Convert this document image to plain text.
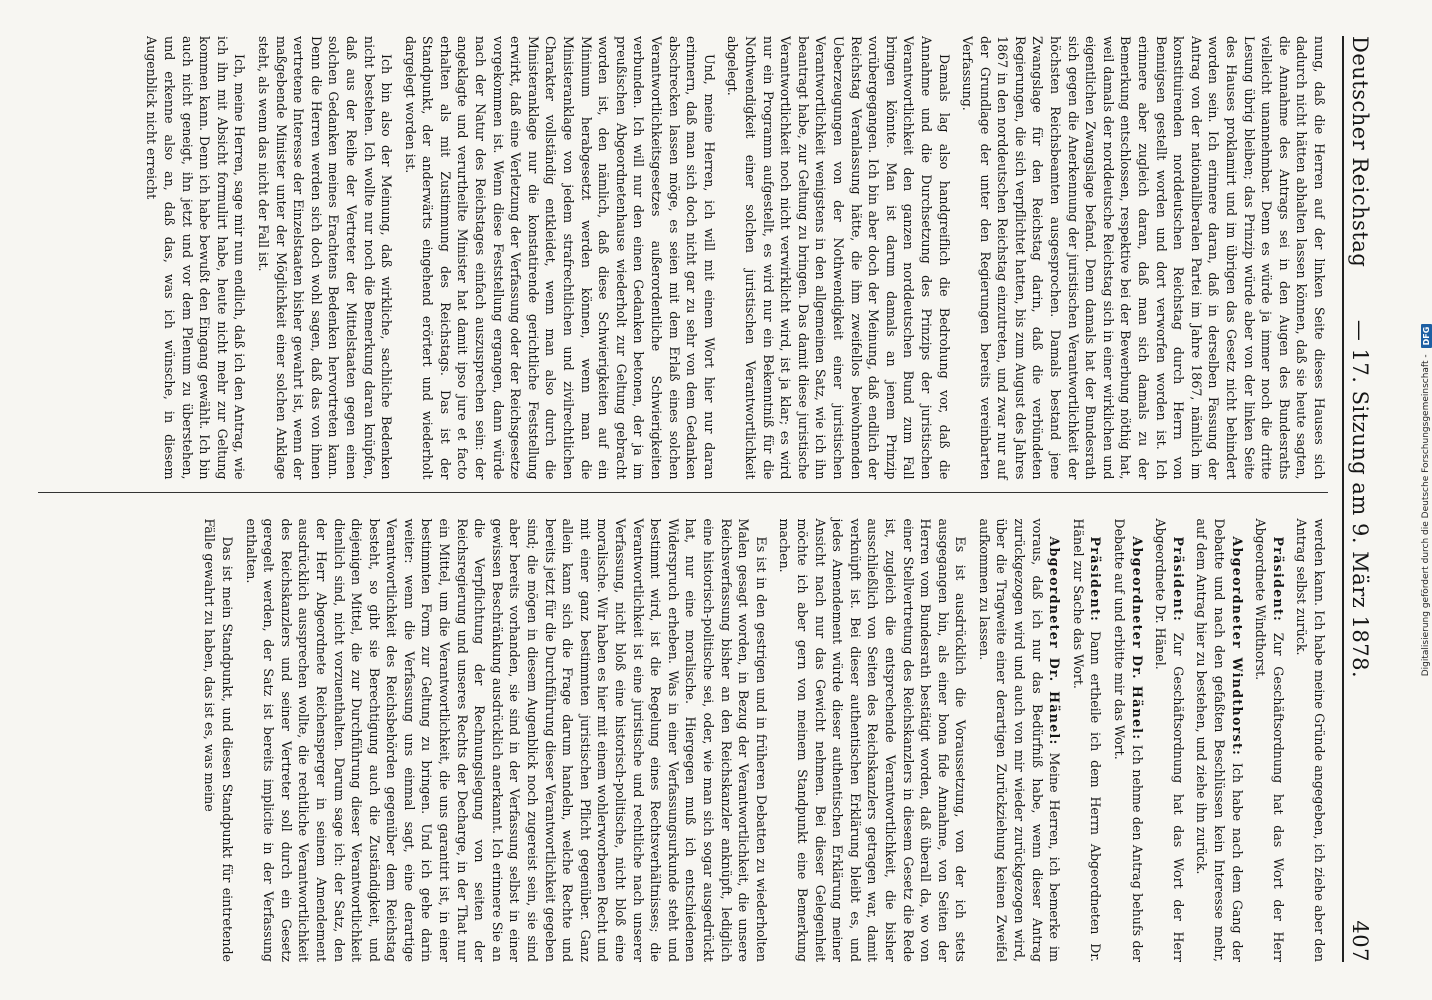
Deutscher Reichstag
— 17. Sitzung am 9. März 1878.
407

nung, daß die Herren auf der linken Seite dieses Hauses sich dadurch nicht hätten abhalten lassen können, daß sie heute sagten, die Annahme des Antrags sei in den Augen des Bundesraths vielleicht unannehmbar. Denn es würde ja immer noch die dritte Lesung übrig bleiben; das Prinzip würde aber von der linken Seite des Hauses proklamirt und im übrigen das Gesetz nicht behindert worden sein. Ich erinnere daran, daß in derselben Fassung der Antrag von der nationalliberalen Partei im Jahre 1867, nämlich im konstituirenden norddeutschen Reichstag durch Herrn von Bennigsen gestellt worden und dort verworfen worden ist. Ich erinnere aber zugleich daran, daß man sich damals zu der Bemerkung entschlossen, respektive bei der Bewerbung nöthig hat, weil damals der norddeutsche Reichstag sich in einer wirklichen und eigentlichen Zwangslage befand. Denn damals hat der Bundesrath sich gegen die Anerkennung der juristischen Verantwortlichkeit der höchsten Reichsbeamten ausgesprochen. Damals bestand jene Zwangslage für den Reichstag darin, daß die verbündeten Regierungen, die sich verpflichtet hatten, bis zum August des Jahres 1867 in den norddeutschen Reichstag einzutreten, und zwar nur auf der Grundlage der unter den Regierungen bereits vereinbarten Verfassung.

Damals lag also handgreiflich die Bedrohung vor, daß die Annahme und die Durchsetzung des Prinzips der juristischen Verantwortlichkeit den ganzen norddeutschen Bund zum Fall bringen könnte. Man ist darum damals an jenem Prinzip vorübergegangen. Ich bin aber doch der Meinung, daß endlich der Reichstag Veranlassung hätte, die ihm zweifellos beiwohnenden Ueberzeugungen von der Nothwendigkeit einer juristischen Verantwortlichkeit wenigstens in den allgemeinen Satz, wie ich ihn beantragt habe, zur Geltung zu bringen. Das damit diese juristische Verantwortlichkeit noch nicht verwirklicht wird, ist ja klar; es wird nur ein Programm aufgestellt, es wird nur ein Bekenntniß für die Nothwendigkeit einer solchen juristischen Verantwortlichkeit abgelegt.

Und, meine Herren, ich will mit einem Wort hier nur daran erinnern, daß man sich doch nicht gar zu sehr von dem Gedanken abschrecken lassen möge, es seien mit dem Erlaß eines solchen Verantwortlichkeitsgesetzes außerordentliche Schwierigkeiten verbunden. Ich will nur den einen Gedanken betonen, der ja im preußischen Abgeordnetenhause wiederholt zur Geltung gebracht worden ist, den nämlich, daß diese Schwierigkeiten auf ein Minimum herabgesetzt werden können, wenn man die Ministeranklage von jedem strafrechtlichen und zivilrechtlichen Charakter vollständig entkleidet, wenn man also durch die Ministeranklage nur die konstatirende gerichtliche Feststellung erwirkt, daß eine Verletzung der Verfassung oder der Reichsgesetze vorgekommen ist. Wenn diese Feststellung ergangen, dann würde nach der Natur des Reichstages einfach auszusprechen sein: der angeklagte und verurtheilte Minister hat damit ipso jure et facto erhalten als mit Zustimmung des Reichstags. Das ist der Standpunkt, der anderwärts eingehend erörtert und wiederholt dargelegt worden ist.

Ich bin also der Meinung, daß wirkliche, sachliche Bedenken nicht bestehen. Ich wollte nur noch die Bemerkung daran knüpfen, daß aus der Reihe der Vertreter der Mittelstaaten gegen einen solchen Gedanken meines Erachtens Bedenken hervortreten kann. Denn die Herren werden sich doch wohl sagen, daß das von ihnen vertretene Interesse der Einzelstaaten bisher gewahrt ist, wenn der maßgebende Minister unter der Möglichkeit einer solchen Anklage steht, als wenn das nicht der Fall ist.

Ich, meine Herren, sage mir nun endlich, daß ich den Antrag, wie ich ihn mit Absicht formulirt habe, heute nicht mehr zur Geltung kommen kann. Denn ich habe bewußt den Eingang gewählt. Ich bin auch nicht geneigt, ihn jetzt und vor dem Plenum zu überstehen, und erkenne also an, daß das, was ich wünsche, in diesem Augenblick nicht erreicht

werden kann. Ich habe meine Gründe angegeben, ich ziehe aber den Antrag selbst zurück.

Präsident: Zur Geschäftsordnung hat das Wort der Herr Abgeordnete Windthorst.

Abgeordneter Windthorst: Ich habe nach dem Gang der Debatte und nach den gefaßten Beschlüssen kein Interesse mehr, auf dem Antrag hier zu bestehen, und ziehe ihn zurück.

Präsident: Zur Geschäftsordnung hat das Wort der Herr Abgeordnete Dr. Hänel.

Abgeordneter Dr. Hänel: Ich nehme den Antrag behufs der Debatte auf und erbitte mir das Wort.

Präsident: Dann ertheile ich dem Herrn Abgeordneten Dr. Hänel zur Sache das Wort.

Abgeordneter Dr. Hänel: Meine Herren, ich bemerke im voraus, daß ich nur das Bedürfniß habe, wenn dieser Antrag zurückgezogen wird und auch von mir wieder zurückgezogen wird, über die Tragweite einer derartigen Zurückziehung keinen Zweifel aufkommen zu lassen.

Es ist ausdrücklich die Voraussetzung, von der ich stets ausgegangen bin, als einer bona fide Annahme, von Seiten der Herren vom Bundesrath bestätigt worden, daß überall da, wo von einer Stellvertretung des Reichskanzlers in diesem Gesetz die Rede ist, zugleich die entsprechende Verantwortlichkeit, die bisher ausschließlich von Seiten des Reichskanzlers getragen war, damit verknüpft ist. Bei dieser authentischen Erklärung bleibt es, und jedes Amendement würde dieser authentischen Erklärung meiner Ansicht nach nur das Gewicht nehmen. Bei dieser Gelegenheit möchte ich aber gern von meinem Standpunkt eine Bemerkung machen.

Es ist in den gestrigen und in früheren Debatten zu wiederholten Malen gesagt worden, in Bezug der Verantwortlichkeit, die unsere Reichsverfassung bisher an den Reichskanzler anknüpft, lediglich eine historisch-politische sei, oder, wie man sich sogar ausgedrückt hat, nur eine moralische. Hiergegen muß ich entschiedenen Widerspruch erheben. Was in einer Verfassungsurkunde steht und bestimmt wird, ist die Regelung eines Rechtsverhältnisses; die Verantwortlichkeit ist eine juristische und rechtliche nach unserer Verfassung, nicht bloß eine historisch-politische, nicht bloß eine moralische. Wir haben es hier mit einem wohlerworbenen Recht und mit einer ganz bestimmten juristischen Pflicht gegenüber. Ganz allein kann sich die Frage darum handeln, welche Rechte und bereits jetzt für die Durchführung dieser Verantwortlichkeit gegeben sind; die mögen in diesem Augenblick noch zugereist sein, sie sind aber bereits vorhanden, sie sind in der Verfassung selbst in einer gewissen Beschränkung ausdrücklich anerkannt. Ich erinnere Sie an die Verpflichtung der Rechnungslegung von seiten der Reichsregierung und unseres Rechts der Decharge, in der That nur ein Mittel, um die Verantwortlichkeit, die uns garantirt ist, in einer bestimmten Form zur Geltung zu bringen. Und ich gehe darin weiter: wenn die Verfassung uns einmal sagt, eine derartige Verantwortlichkeit des Reichsbehörden gegenüber dem Reichstag besteht, so gibt sie Berechtigung auch die Zuständigkeit, und diejenigen Mittel, die zur Durchführung dieser Verantwortlichkeit dienlich sind, nicht vorzuenthalten. Darum sage ich: der Satz, den der Herr Abgeordnete Reichensperger in seinem Amendement ausdrücklich aussprechen wollte, die rechtliche Verantwortlichkeit des Reichskanzlers und seiner Vertreter soll durch ein Gesetz geregelt werden, der Satz ist bereits implicite in der Verfassung enthalten.

Das ist mein Standpunkt, und diesen Standpunkt für eintretende Fälle gewahrt zu haben, das ist es, was meine	Digitalisierung gefördert durch die Deutsche Forschungsgemeinschaft -
DFG
